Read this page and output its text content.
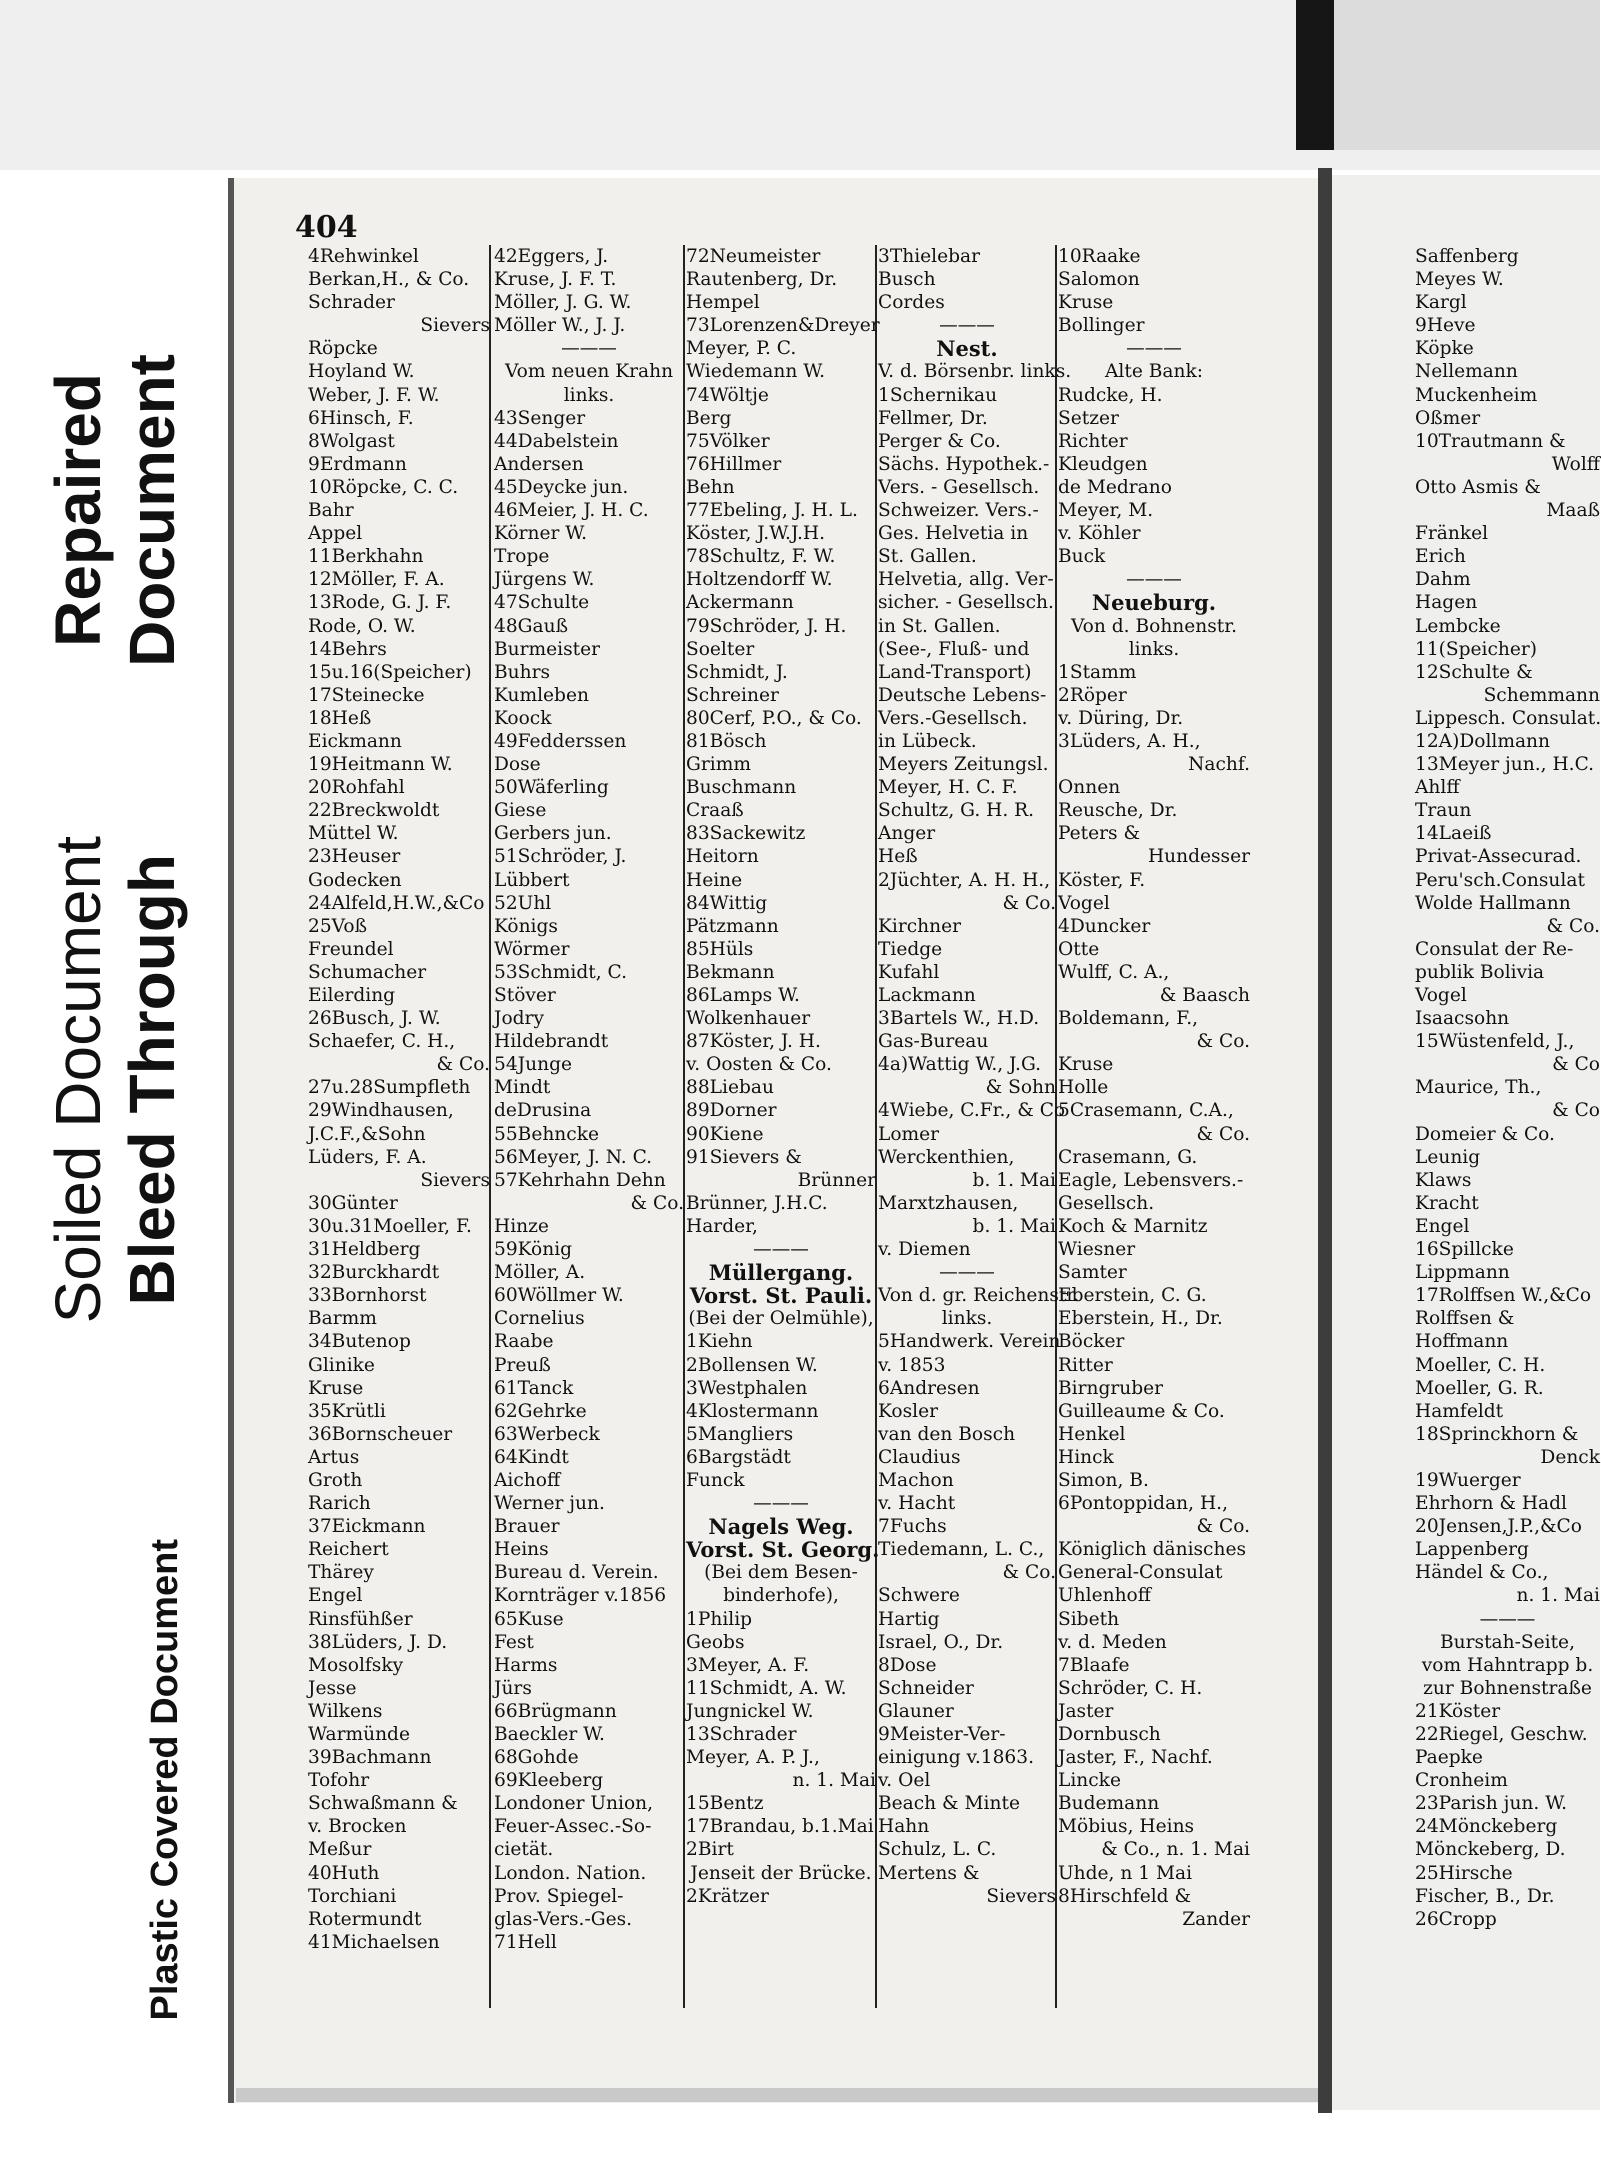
Repaired Document
Soiled Document Bleed Through
Plastic Covered Document
404

4Rehwinkel

Berkan,H., & Co.

Schrader

Sievers

Röpcke

Hoyland W.

Weber, J. F. W.

6Hinsch, F.

8Wolgast

9Erdmann

10Röpcke, C. C.

Bahr

Appel

11Berkhahn

12Möller, F. A.

13Rode, G. J. F.

Rode, O. W.

14Behrs

15u.16(Speicher)

17Steinecke

18Heß

Eickmann

19Heitmann W.

20Rohfahl

22Breckwoldt

Müttel W.

23Heuser

Godecken

24Alfeld,H.W.,&Co

25Voß

Freundel

Schumacher

Eilerding

26Busch, J. W.

Schaefer, C. H.,

& Co.

27u.28Sumpfleth

29Windhausen,

J.C.F.,&Sohn

Lüders, F. A.

Sievers

30Günter

30u.31Moeller, F.

31Heldberg

32Burckhardt

33Bornhorst

Barmm

34Butenop

Glinike

Kruse

35Krütli

36Bornscheuer

Artus

Groth

Rarich

37Eickmann

Reichert

Thärey

Engel

Rinsfühßer

38Lüders, J. D.

Mosolfsky

Jesse

Wilkens

Warmünde

39Bachmann

Tofohr

Schwaßmann &

v. Brocken

Meßur

40Huth

Torchiani

Rotermundt

41Michaelsen

42Eggers, J.

Kruse, J. F. T.

Möller, J. G. W.

Möller W., J. J.

———

Vom neuen Krahn

links.

43Senger

44Dabelstein

Andersen

45Deycke jun.

46Meier, J. H. C.

Körner W.

Trope

Jürgens W.

47Schulte

48Gauß

Burmeister

Buhrs

Kumleben

Koock

49Fedderssen

Dose

50Wäferling

Giese

Gerbers jun.

51Schröder, J.

Lübbert

52Uhl

Königs

Wörmer

53Schmidt, C.

Stöver

Jodry

Hildebrandt

54Junge

Mindt

deDrusina

55Behncke

56Meyer, J. N. C.

57Kehrhahn Dehn

& Co.

Hinze

59König

Möller, A.

60Wöllmer W.

Cornelius

Raabe

Preuß

61Tanck

62Gehrke

63Werbeck

64Kindt

Aichoff

Werner jun.

Brauer

Heins

Bureau d. Verein.

Kornträger v.1856

65Kuse

Fest

Harms

Jürs

66Brügmann

Baeckler W.

68Gohde

69Kleeberg

Londoner Union,

Feuer-Assec.-So-

cietät.

London. Nation.

Prov. Spiegel-

glas-Vers.-Ges.

71Hell

72Neumeister

Rautenberg, Dr.

Hempel

73Lorenzen&Dreyer

Meyer, P. C.

Wiedemann W.

74Wöltje

Berg

75Völker

76Hillmer

Behn

77Ebeling, J. H. L.

Köster, J.W.J.H.

78Schultz, F. W.

Holtzendorff W.

Ackermann

79Schröder, J. H.

Soelter

Schmidt, J.

Schreiner

80Cerf, P.O., & Co.

81Bösch

Grimm

Buschmann

Craaß

83Sackewitz

Heitorn

Heine

84Wittig

Pätzmann

85Hüls

Bekmann

86Lamps W.

Wolkenhauer

87Köster, J. H.

v. Oosten & Co.

88Liebau

89Dorner

90Kiene

91Sievers &

Brünner

Brünner, J.H.C.

Harder,

———

Müllergang.

Vorst. St. Pauli.

(Bei der Oelmühle),

1Kiehn

2Bollensen W.

3Westphalen

4Klostermann

5Mangliers

6Bargstädt

Funck

———

Nagels Weg.

Vorst. St. Georg.

(Bei dem Besen-

binderhofe),

1Philip

Geobs

3Meyer, A. F.

11Schmidt, A. W.

Jungnickel W.

13Schrader

Meyer, A. P. J.,

n. 1. Mai

15Bentz

17Brandau, b.1.Mai

2Birt

Jenseit der Brücke.

2Krätzer

3Thielebar

Busch

Cordes

———

Nest.

V. d. Börsenbr. links.

1Schernikau

Fellmer, Dr.

Perger & Co.

Sächs. Hypothek.-

Vers. - Gesellsch.

Schweizer. Vers.-

Ges. Helvetia in

St. Gallen.

Helvetia, allg. Ver-

sicher. - Gesellsch.

in St. Gallen.

(See-, Fluß- und

Land-Transport)

Deutsche Lebens-

Vers.-Gesellsch.

in Lübeck.

Meyers Zeitungsl.

Meyer, H. C. F.

Schultz, G. H. R.

Anger

Heß

2Jüchter, A. H. H.,

& Co.

Kirchner

Tiedge

Kufahl

Lackmann

3Bartels W., H.D.

Gas-Bureau

4a)Wattig W., J.G.

& Sohn

4Wiebe, C.Fr., & Co

Lomer

Werckenthien,

b. 1. Mai

Marxtzhausen,

b. 1. Mai

v. Diemen

———

Von d. gr. Reichenstr.

links.

5Handwerk. Verein

v. 1853

6Andresen

Kosler

van den Bosch

Claudius

Machon

v. Hacht

7Fuchs

Tiedemann, L. C.,

& Co.

Schwere

Hartig

Israel, O., Dr.

8Dose

Schneider

Glauner

9Meister-Ver-

einigung v.1863.

v. Oel

Beach & Minte

Hahn

Schulz, L. C.

Mertens &

Sievers

10Raake

Salomon

Kruse

Bollinger

———

Alte Bank:

Rudcke, H.

Setzer

Richter

Kleudgen

de Medrano

Meyer, M.

v. Köhler

Buck

———

Neueburg.

Von d. Bohnenstr.

links.

1Stamm

2Röper

v. Düring, Dr.

3Lüders, A. H.,

Nachf.

Onnen

Reusche, Dr.

Peters &

Hundesser

Köster, F.

Vogel

4Duncker

Otte

Wulff, C. A.,

& Baasch

Boldemann, F.,

& Co.

Kruse

Holle

5Crasemann, C.A.,

& Co.

Crasemann, G.

Eagle, Lebensvers.-

Gesellsch.

Koch & Marnitz

Wiesner

Samter

Eberstein, C. G.

Eberstein, H., Dr.

Böcker

Ritter

Birngruber

Guilleaume & Co.

Henkel

Hinck

Simon, B.

6Pontoppidan, H.,

& Co.

Königlich dänisches

General-Consulat

Uhlenhoff

Sibeth

v. d. Meden

7Blaafe

Schröder, C. H.

Jaster

Dornbusch

Jaster, F., Nachf.

Lincke

Budemann

Möbius, Heins

& Co., n. 1. Mai

Uhde, n 1 Mai

8Hirschfeld &

Zander

Saffenberg

Meyes W.

Kargl

9Heve

Köpke

Nellemann

Muckenheim

Oßmer

10Trautmann &

Wolff

Otto Asmis &

Maaß

Fränkel

Erich

Dahm

Hagen

Lembcke

11(Speicher)

12Schulte &

Schemmann

Lippesch. Consulat.

12A)Dollmann

13Meyer jun., H.C.

Ahlff

Traun

14Laeiß

Privat-Assecurad.

Peru'sch.Consulat

Wolde Hallmann

& Co.

Consulat der Re-

publik Bolivia

Vogel

Isaacsohn

15Wüstenfeld, J.,

& Co

Maurice, Th.,

& Co

Domeier & Co.

Leunig

Klaws

Kracht

Engel

16Spillcke

Lippmann

17Rolffsen W.,&Co

Rolffsen &

Hoffmann

Moeller, C. H.

Moeller, G. R.

Hamfeldt

18Sprinckhorn &

Denck

19Wuerger

Ehrhorn & Hadl

20Jensen,J.P.,&Co

Lappenberg

Händel & Co.,

n. 1. Mai

———

Burstah-Seite,

vom Hahntrapp b.

zur Bohnenstraße

21Köster

22Riegel, Geschw.

Paepke

Cronheim

23Parish jun. W.

24Mönckeberg

Mönckeberg, D.

25Hirsche

Fischer, B., Dr.

26Cropp
